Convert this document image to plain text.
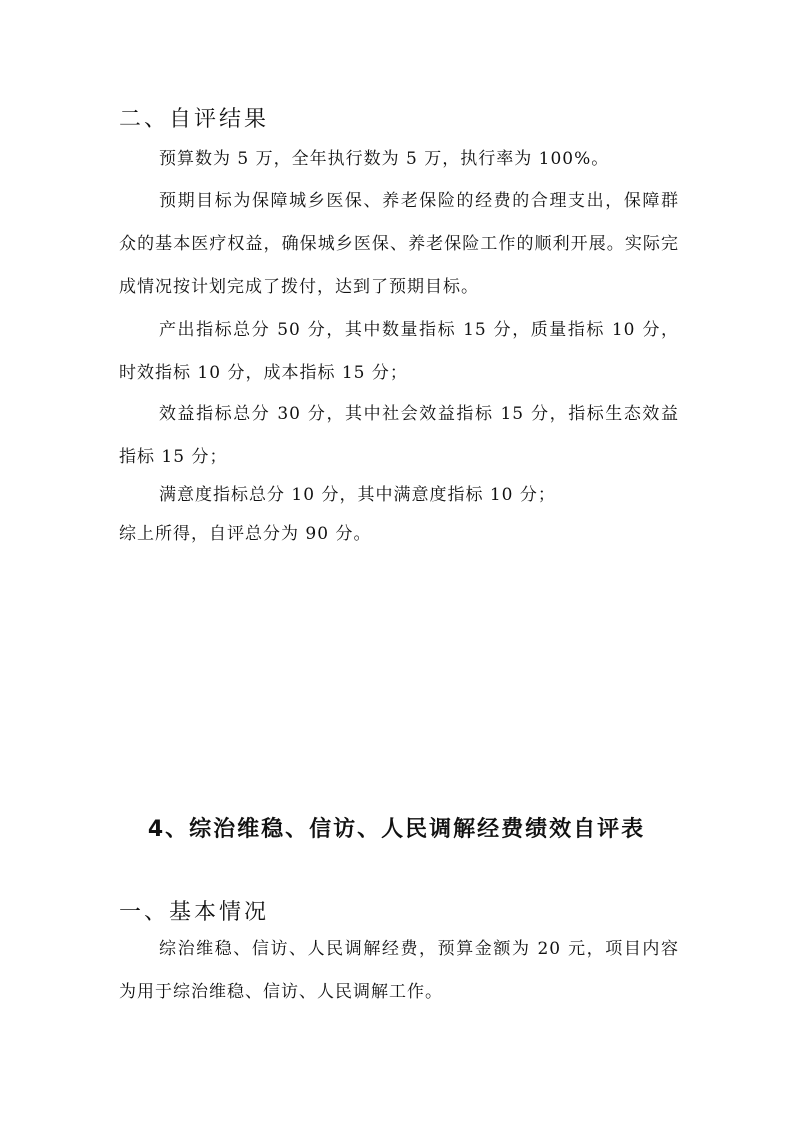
二、自评结果

预算数为 5 万，全年执行数为 5 万，执行率为 100%。

预期目标为保障城乡医保、养老保险的经费的合理支出，保障群众的基本医疗权益，确保城乡医保、养老保险工作的顺利开展。实际完成情况按计划完成了拨付，达到了预期目标。

产出指标总分 50 分，其中数量指标 15 分，质量指标 10 分，时效指标 10 分，成本指标 15 分；

效益指标总分 30 分，其中社会效益指标 15 分，指标生态效益指标 15 分；

满意度指标总分 10 分，其中满意度指标 10 分；

综上所得，自评总分为 90 分。

4、综治维稳、信访、人民调解经费绩效自评表
一、基本情况

综治维稳、信访、人民调解经费，预算金额为 20 元，项目内容为用于综治维稳、信访、人民调解工作。
